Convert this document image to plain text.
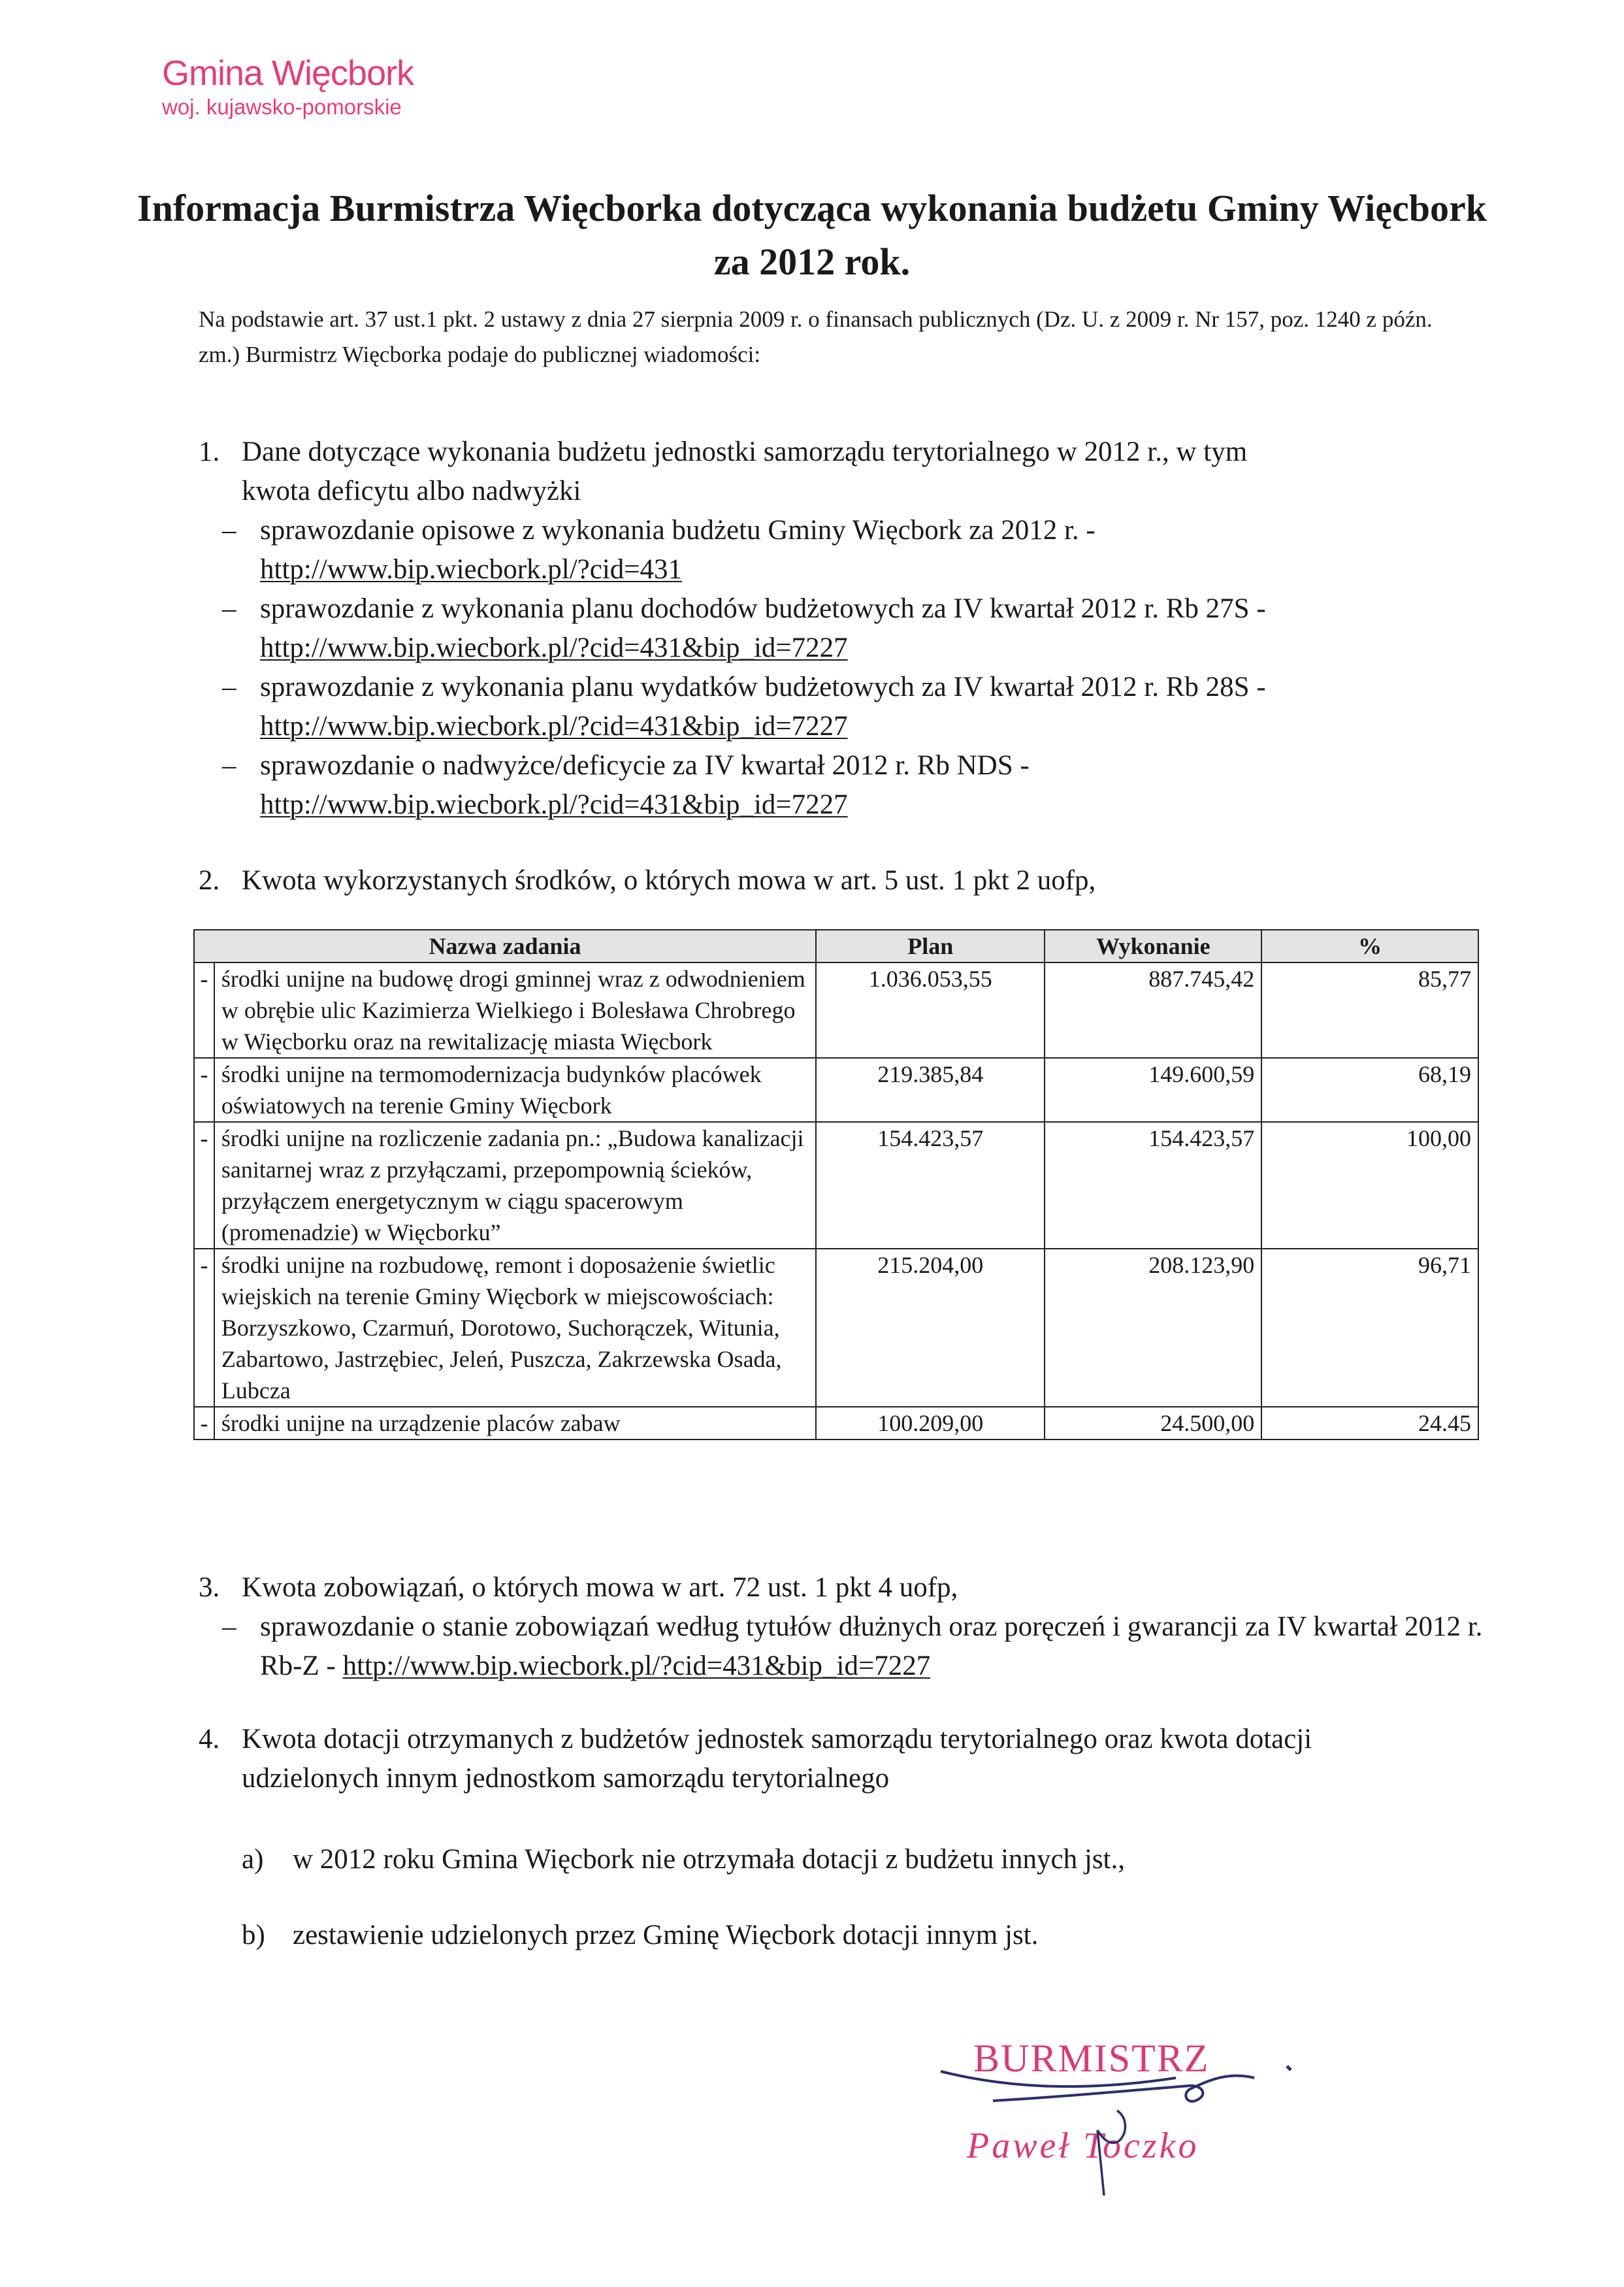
Gmina Więcbork
woj. kujawsko-pomorskie
Informacja Burmistrza Więcborka dotycząca wykonania budżetu Gminy Więcbork za 2012 rok.
Na podstawie art. 37 ust.1 pkt. 2 ustawy z dnia 27 sierpnia 2009 r. o finansach publicznych (Dz. U. z 2009 r. Nr 157, poz. 1240 z późn. zm.) Burmistrz Więcborka podaje do publicznej wiadomości:
1. Dane dotyczące wykonania budżetu jednostki samorządu terytorialnego w 2012 r., w tym kwota deficytu albo nadwyżki
– sprawozdanie opisowe z wykonania budżetu Gminy Więcbork za 2012 r. -
http://www.bip.wiecbork.pl/?cid=431
– sprawozdanie z wykonania planu dochodów budżetowych za IV kwartał 2012 r. Rb 27S -
http://www.bip.wiecbork.pl/?cid=431&bip_id=7227
– sprawozdanie z wykonania planu wydatków budżetowych za IV kwartał 2012 r. Rb 28S -
http://www.bip.wiecbork.pl/?cid=431&bip_id=7227
– sprawozdanie o nadwyżce/deficycie za IV kwartał 2012 r. Rb NDS -
http://www.bip.wiecbork.pl/?cid=431&bip_id=7227
2. Kwota wykorzystanych środków, o których mowa w art. 5 ust. 1 pkt 2 uofp,
Nazwa zadania		Plan	Wykonanie	%
-	środki unijne na budowę drogi gminnej wraz z odwodnieniem w obrębie ulic Kazimierza Wielkiego i Bolesława Chrobrego w Więcborku oraz na rewitalizację miasta Więcbork	1.036.053,55	887.745,42	85,77
-	środki unijne na termomodernizacja budynków placówek oświatowych na terenie Gminy Więcbork	219.385,84	149.600,59	68,19
-	środki unijne na rozliczenie zadania pn.: „Budowa kanalizacji sanitarnej wraz z przyłączami, przepompownią ścieków, przyłączem energetycznym w ciągu spacerowym (promenadzie) w Więcborku”	154.423,57	154.423,57	100,00
-	środki unijne na rozbudowę, remont i doposażenie świetlic wiejskich na terenie Gminy Więcbork w miejscowościach: Borzyszkowo, Czarmuń, Dorotowo, Suchorączek, Witunia, Zabartowo, Jastrzębiec, Jeleń, Puszcza, Zakrzewska Osada, Lubcza	215.204,00	208.123,90	96,71
-	środki unijne na urządzenie placów zabaw	100.209,00	24.500,00	24.45
3. Kwota zobowiązań, o których mowa w art. 72 ust. 1 pkt 4 uofp,
– sprawozdanie o stanie zobowiązań według tytułów dłużnych oraz poręczeń i gwarancji za IV kwartał 2012 r. Rb-Z - http://www.bip.wiecbork.pl/?cid=431&bip_id=7227
4. Kwota dotacji otrzymanych z budżetów jednostek samorządu terytorialnego oraz kwota dotacji udzielonych innym jednostkom samorządu terytorialnego
a) w 2012 roku Gmina Więcbork nie otrzymała dotacji z budżetu innych jst.,
b) zestawienie udzielonych przez Gminę Więcbork dotacji innym jst.
BURMISTRZ
Paweł Toczko
